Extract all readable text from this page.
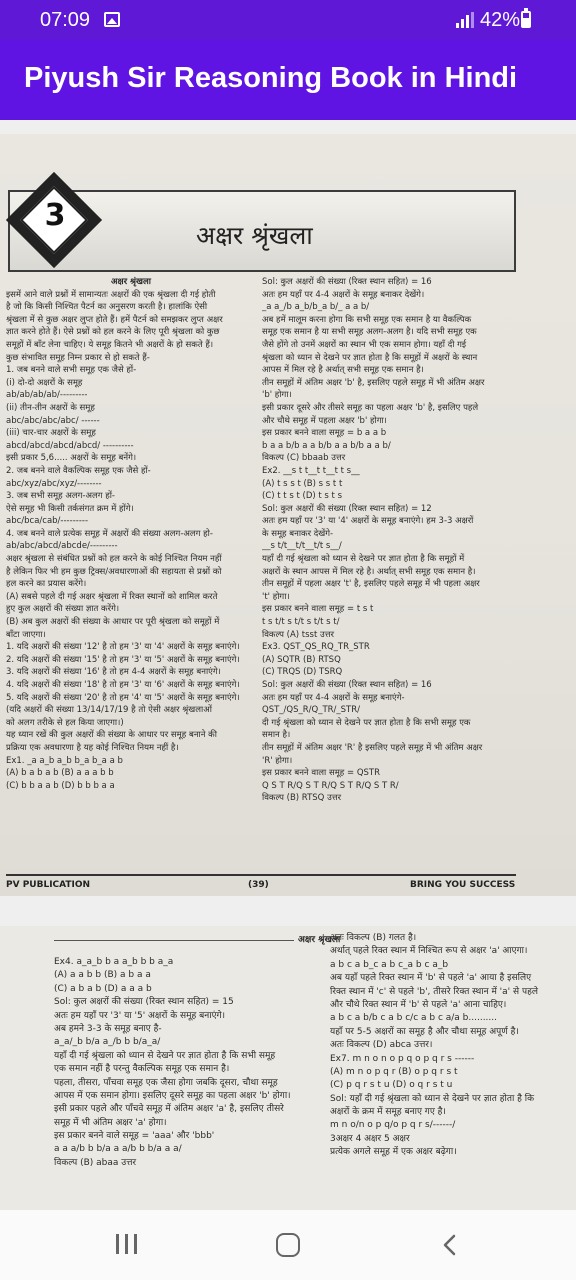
07:09	42%
Piyush Sir Reasoning Book in Hindi
3
अक्षर श्रृंखला
अक्षर श्रृंखला
इसमें आने वाले प्रश्नों में सामान्यतः अक्षरों की एक श्रृंखला दी गई होती
है जो कि किसी निश्चित पैटर्न का अनुसरण करती है। हालांकि ऐसी
श्रृंखला में से कुछ अक्षर लुप्त होते हैं। हमें पैटर्न को समझकर लुप्त अक्षर
ज्ञात करने होते हैं। ऐसे प्रश्नों को हल करने के लिए पूरी श्रृंखला को कुछ
समूहों में बाँट लेना चाहिए। ये समूह कितने भी अक्षरों के हो सकते हैं।
कुछ संभावित समूह निम्न प्रकार से हो सकते हैं-
1. जब बनने वाले सभी समूह एक जैसे हों-
(i) दो-दो अक्षरों के समूह
ab/ab/ab/ab/---------
(ii) तीन-तीन अक्षरों के समूह
abc/abc/abc/abc/ ------
(iii) चार-चार अक्षरों के समूह
abcd/abcd/abcd/abcd/ ----------
इसी प्रकार 5,6..... अक्षरों के समूह बनेंगे।
2. जब बनने वाले वैकल्पिक समूह एक जैसे हों-
abc/xyz/abc/xyz/--------
3. जब सभी समूह अलग-अलग हों-
ऐसे समूह भी किसी तर्कसंगत क्रम में होंगे।
abc/bca/cab/---------
4. जब बनने वाले प्रत्येक समूह में अक्षरों की संख्या अलग-अलग हो-
ab/abc/abcd/abcde/---------
अक्षर श्रृंखला से संबंधित प्रश्नों को हल करने के कोई निश्चित नियम नहीं
है लेकिन फिर भी हम कुछ ट्रिक्स/अवधारणाओं की सहायता से प्रश्नों को
हल करने का प्रयास करेंगे।
(A) सबसे पहले दी गई अक्षर श्रृंखला में रिक्त स्थानों को शामिल करते
हुए कुल अक्षरों की संख्या ज्ञात करेंगे।
(B) अब कुल अक्षरों की संख्या के आधार पर पूरी श्रृंखला को समूहों में
बाँटा जाएगा।
1. यदि अक्षरों की संख्या '12' है तो हम '3' या '4' अक्षरों के समूह बनाएंगे।
2. यदि अक्षरों की संख्या '15' है तो हम '3' या '5' अक्षरों के समूह बनाएंगे।
3. यदि अक्षरों की संख्या '16' है तो हम 4-4 अक्षरों के समूह बनाएंगे।
4. यदि अक्षरों की संख्या '18' है तो हम '3' या '6' अक्षरों के समूह बनाएंगे।
5. यदि अक्षरों की संख्या '20' है तो हम '4' या '5' अक्षरों के समूह बनाएंगे।
(यदि अक्षरों की संख्या 13/14/17/19 है तो ऐसी अक्षर श्रृंखलाओं
को अलग तरीके से हल किया जाएगा।)
यह ध्यान रखें की कुल अक्षरों की संख्या के आधार पर समूह बनाने की
प्रक्रिया एक अवधारणा है यह कोई निश्चित नियम नहीं है।
Ex1. _a a_b a_b b_a b_a a b
(A) b a b a b (B) a a a b b
(C) b b a a b (D) b b b a a
Sol: कुल अक्षरों की संख्या (रिक्त स्थान सहित) = 16
अतः हम यहाँ पर 4-4 अक्षरों के समूह बनाकर देखेंगे।
_a a_/b a_b/b_a b/_ a a b/
अब हमें मालूम करना होगा कि सभी समूह एक समान है या वैकल्पिक
समूह एक समान है या सभी समूह अलग-अलग है। यदि सभी समूह एक
जैसे होंगे तो उनमें अक्षरों का स्थान भी एक समान होगा। यहाँ दी गई
श्रृंखला को ध्यान से देखने पर ज्ञात होता है कि समूहों में अक्षरों के स्थान
आपस में मिल रहे है अर्थात् सभी समूह एक समान है।
तीन समूहों में अंतिम अक्षर 'b' है, इसलिए पहले समूह में भी अंतिम अक्षर
'b' होगा।
इसी प्रकार दूसरे और तीसरे समूह का पहला अक्षर 'b' है, इसलिए पहले
और चौथे समूह में पहला अक्षर 'b' होगा।
इस प्रकार बनने वाला समूह = b a a b
b a a b/b a a b/b a a b/b a a b/
विकल्प (C) bbaab उत्तर
Ex2. __s t t__t t__t t s__
(A) t s s t (B) s s t t
(C) t t s t (D) t s t s
Sol: कुल अक्षरों की संख्या (रिक्त स्थान सहित) = 12
अतः हम यहाँ पर '3' या '4' अक्षरों के समूह बनाएंगे। हम 3-3 अक्षरों
के समूह बनाकर देखेंगे-
__s t/t__t/t__t/t s__/
यहाँ दी गई श्रृंखला को ध्यान से देखने पर ज्ञात होता है कि समूहों में
अक्षरों के स्थान आपस में मिल रहे है। अर्थात् सभी समूह एक समान है।
तीन समूहों में पहला अक्षर 't' है, इसलिए पहले समूह में भी पहला अक्षर
't' होगा।
इस प्रकार बनने वाला समूह = t s t
t s t/t s t/t s t/t s t/
विकल्प (A) tsst उत्तर
Ex3. QST_QS_RQ_TR_STR
(A) SQTR (B) RTSQ
(C) TRQS (D) TSRQ
Sol: कुल अक्षरों की संख्या (रिक्त स्थान सहित) = 16
अतः हम यहाँ पर 4-4 अक्षरों के समूह बनाएंगे-
QST_/QS_R/Q_TR/_STR/
दी गई श्रृंखला को ध्यान से देखने पर ज्ञात होता है कि सभी समूह एक
समान है।
तीन समूहों में अंतिम अक्षर 'R' है इसलिए पहले समूह में भी अंतिम अक्षर
'R' होगा।
इस प्रकार बनने वाला समूह = QSTR
Q S T R/Q S T R/Q S T R/Q S T R/
विकल्प (B) RTSQ उत्तर
PV PUBLICATION	(39)	BRING YOU SUCCESS
अक्षर श्रृंखला
Ex4. a_a_b b a a_b b b a_a
(A) a a b b (B) a b a a
(C) a b a b (D) a a a b
Sol: कुल अक्षरों की संख्या (रिक्त स्थान सहित) = 15
अतः हम यहाँ पर '3' या '5' अक्षरों के समूह बनाएंगे।
अब हमने 3-3 के समूह बनाए है-
a_a/_b b/a a_/b b b/a_a/
यहाँ दी गई श्रृंखला को ध्यान से देखने पर ज्ञात होता है कि सभी समूह
एक समान नहीं है परन्तु वैकल्पिक समूह एक समान है।
पहला, तीसरा, पाँचवा समूह एक जैसा होगा जबकि दूसरा, चौथा समूह
आपस में एक समान होगा। इसलिए दूसरे समूह का पहला अक्षर 'b' होगा।
इसी प्रकार पहले और पाँचवे समूह में अंतिम अक्षर 'a' है, इसलिए तीसरे
समूह में भी अंतिम अक्षर 'a' होगा।
इस प्रकार बनने वाले समूह = 'aaa' और 'bbb'
a a a/b b b/a a a/b b b/a a a/
विकल्प (B) abaa उत्तर
अतः विकल्प (B) गलत है।
अर्थात् पहले रिक्त स्थान में निश्चित रूप से अक्षर 'a' आएगा।
a b c a b_c a b c_a b c a_b
अब यहाँ पहले रिक्त स्थान में 'b' से पहले 'a' आया है इसलिए
रिक्त स्थान में 'c' से पहले 'b', तीसरे रिक्त स्थान में 'a' से पहले
और चौथे रिक्त स्थान में 'b' से पहले 'a' आना चाहिए।
a b c a b/b c a b c/c a b c a/a b..........
यहाँ पर 5-5 अक्षरों का समूह है और चौथा समूह अपूर्ण है।
अतः विकल्प (D) abca उत्तर।
Ex7. m n o n o p q o p q r s ------
(A) m n o p q r (B) o p q r s t
(C) p q r s t u (D) o q r s t u
Sol: यहाँ दी गई श्रृंखला को ध्यान से देखने पर ज्ञात होता है कि
अक्षरों के क्रम में समूह बनाए गए है।
m n o/n o p q/o p q r s/------/
3अक्षर 4 अक्षर 5 अक्षर
प्रत्येक अगले समूह में एक अक्षर बढ़ेगा।
